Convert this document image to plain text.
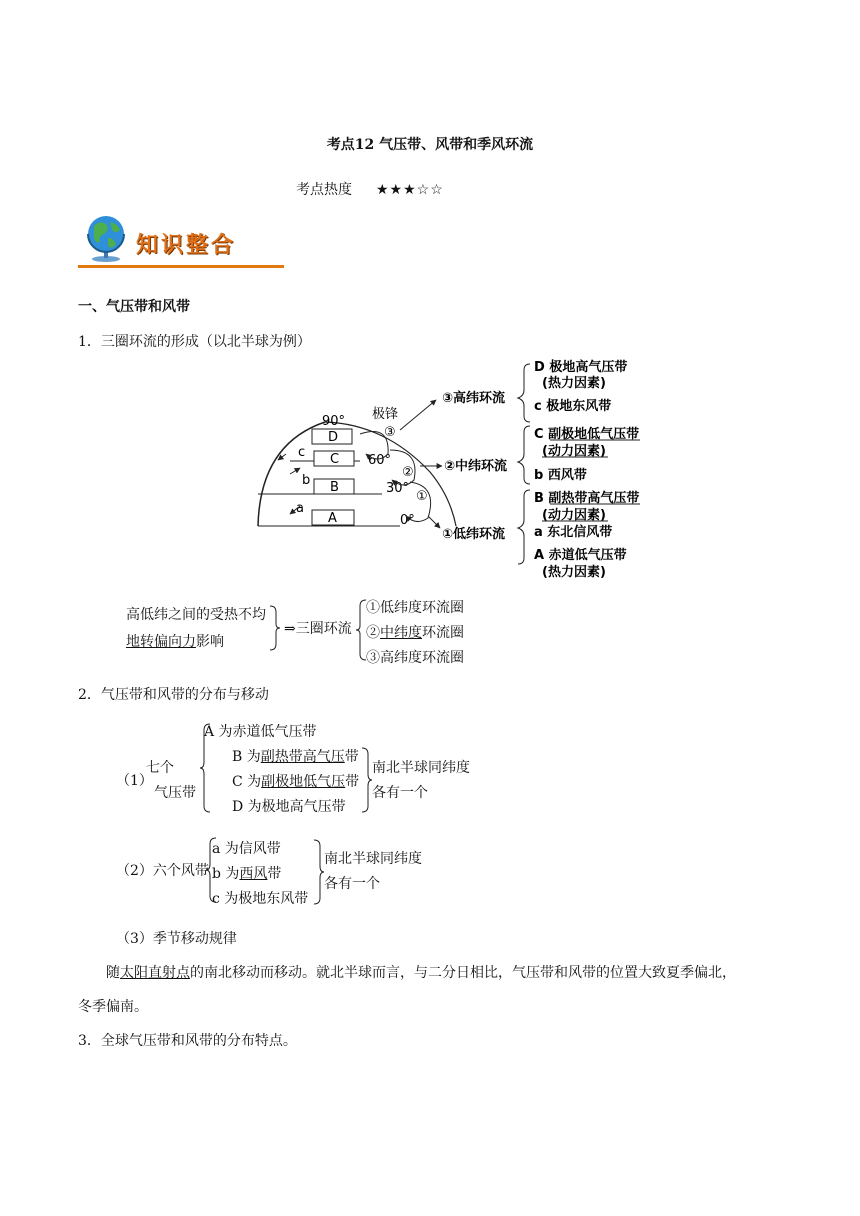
考点12 气压带、风带和季风环流
考点热度 ★★★☆☆
知识整合
一、气压带和风带
1．三圈环流的形成（以北半球为例）
D
C
B
A
c
b
a
90°
60°
30°
0°
极锋
③
②
①
③高纬环流
②中纬环流
①低纬环流
D 极地高气压带
(热力因素)
c 极地东风带
C 副极地低气压带
(动力因素)
b 西风带
B 副热带高气压带
(动力因素)
a 东北信风带
A 赤道低气压带
(热力因素)
高低纬之间的受热不均
地转偏向力影响
⇒三圈环流
①低纬度环流圈
②中纬度环流圈
③高纬度环流圈
2．气压带和风带的分布与移动
（1）
七个
气压带
A 为赤道低气压带
B 为副热带高气压带
C 为副极地低气压带
D 为极地高气压带
南北半球同纬度
各有一个
（2）六个风带
a 为信风带
b 为西风带
c 为极地东风带
南北半球同纬度
各有一个
（3）季节移动规律
随太阳直射点的南北移动而移动。就北半球而言，与二分日相比，气压带和风带的位置大致夏季偏北，
冬季偏南。
3．全球气压带和风带的分布特点。
